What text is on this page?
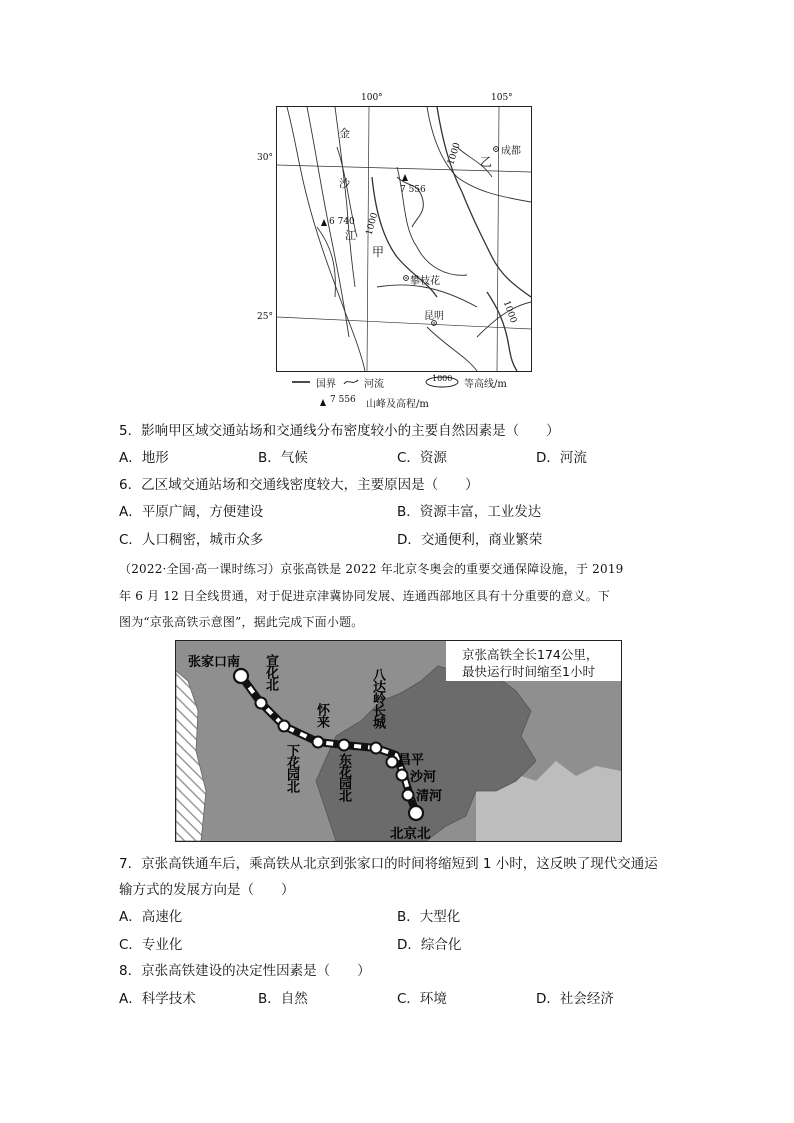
100°	105°
30°
25°
金
沙
江
甲
乙
成都
攀枝花
昆明
7 556
6 740
1000
1000
1000
国界	河流
1000
等高线/m
7 556 山峰及高程/m
5．影响甲区域交通站场和交通线分布密度较小的主要自然因素是（　　）
A．地形	B．气候	C．资源	D．河流
6．乙区域交通站场和交通线密度较大，主要原因是（　　）
A．平原广阔，方便建设	B．资源丰富，工业发达
C．人口稠密，城市众多	D．交通便利，商业繁荣
（2022·全国·高一课时练习）京张高铁是 2022 年北京冬奥会的重要交通保障设施，于 2019
年 6 月 12 日全线贯通，对于促进京津冀协同发展、连通西部地区具有十分重要的意义。下
图为“京张高铁示意图”，据此完成下面小题。
京张高铁全长174公里，
最快运行时间缩至1小时
张家口南 宣化北
下花园北
怀来
东花园北
八达岭长城
昌平
沙河
清河
北京北
7．京张高铁通车后，乘高铁从北京到张家口的时间将缩短到 1 小时，这反映了现代交通运
输方式的发展方向是（　　）
A．高速化	B．大型化
C．专业化	D．综合化
8．京张高铁建设的决定性因素是（　　）
A．科学技术	B．自然	C．环境	D．社会经济
